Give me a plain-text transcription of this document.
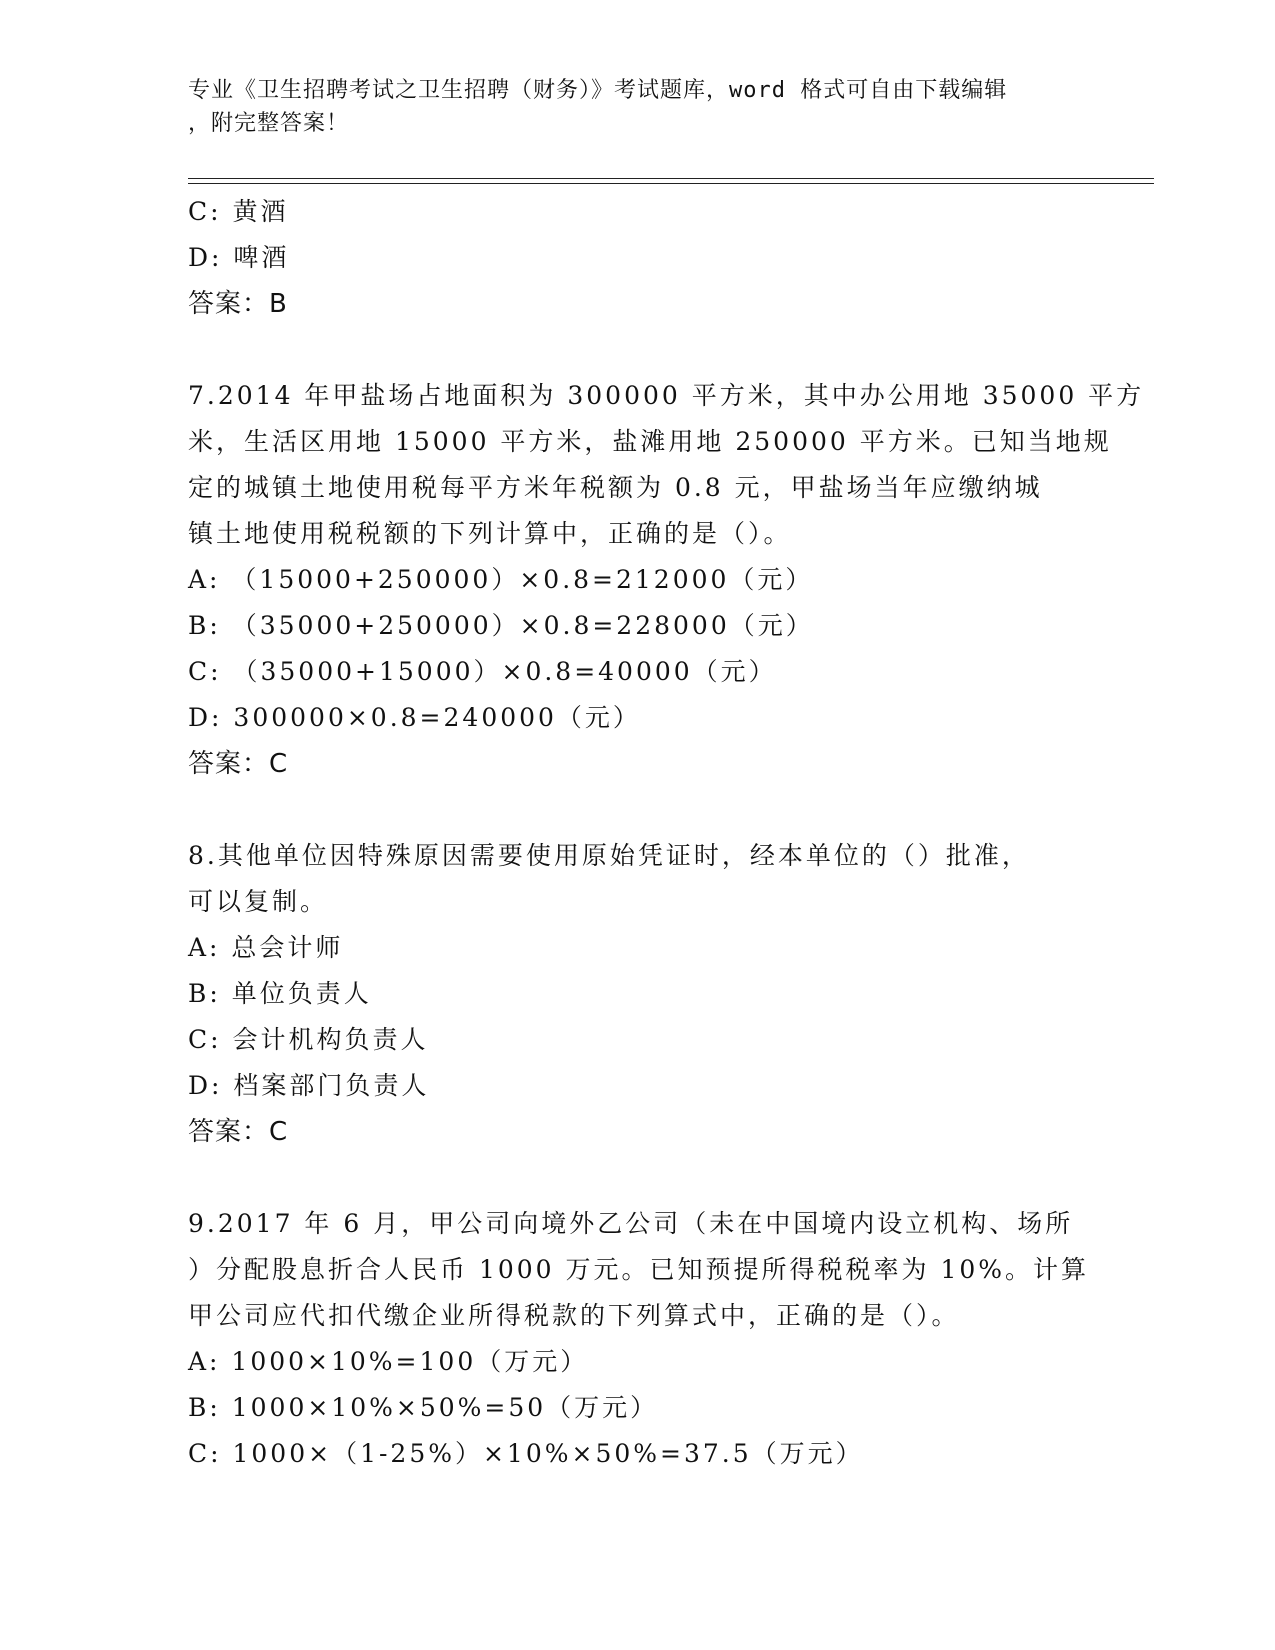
专业《卫生招聘考试之卫生招聘（财务）》考试题库，word 格式可自由下载编辑
，附完整答案！
C: 黄酒
D: 啤酒
答案：B
7.2014 年甲盐场占地面积为 300000 平方米，其中办公用地 35000 平方
米，生活区用地 15000 平方米，盐滩用地 250000 平方米。已知当地规
定的城镇土地使用税每平方米年税额为 0.8 元，甲盐场当年应缴纳城
镇土地使用税税额的下列计算中，正确的是（）。
A: （15000+250000）×0.8=212000（元）
B: （35000+250000）×0.8=228000（元）
C: （35000+15000）×0.8=40000（元）
D: 300000×0.8=240000（元）
答案：C
8.其他单位因特殊原因需要使用原始凭证时，经本单位的（）批准，
可以复制。
A: 总会计师
B: 单位负责人
C: 会计机构负责人
D: 档案部门负责人
答案：C
9.2017 年 6 月，甲公司向境外乙公司（未在中国境内设立机构、场所
）分配股息折合人民币 1000 万元。已知预提所得税税率为 10%。计算
甲公司应代扣代缴企业所得税款的下列算式中，正确的是（）。
A: 1000×10%=100（万元）
B: 1000×10%×50%=50（万元）
C: 1000×（1-25%）×10%×50%=37.5（万元）
